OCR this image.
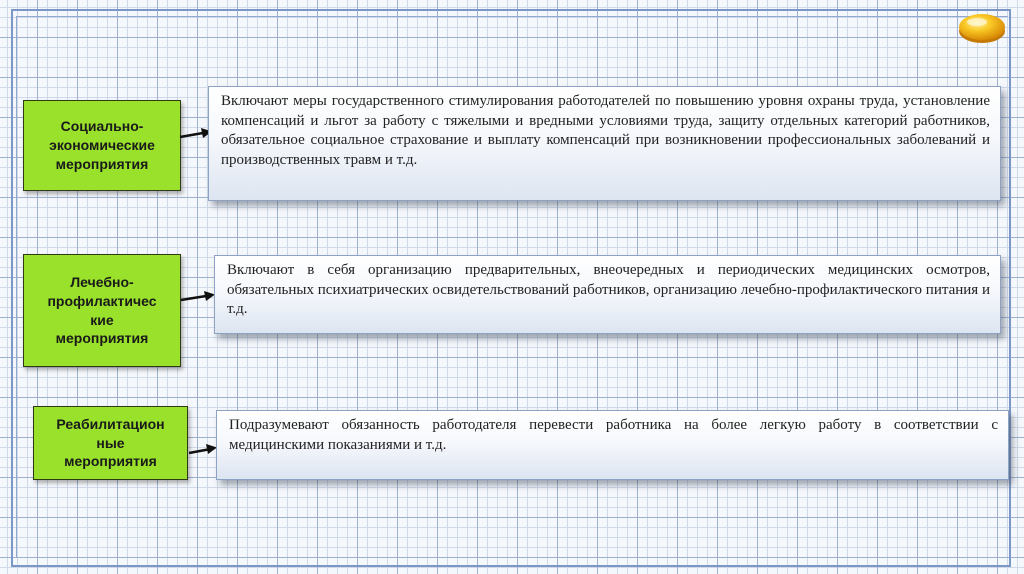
Социально-
экономические
мероприятия
Включают меры государственного стимулирования работодателей по повышению уровня охраны труда, установление компенсаций и льгот за работу с тяжелыми и вредными условиями труда, защиту отдельных категорий работников, обязательное социальное страхование и выплату компенсаций при возникновении профессиональных заболеваний и производственных травм и т.д.
Лечебно-
профилактичес
кие
мероприятия
Включают в себя организацию предварительных, внеочередных и периодических медицинских осмотров, обязательных психиатрических освидетельствований работников, организацию лечебно-профилактического питания и т.д.
Реабилитацион
ные
мероприятия
Подразумевают обязанность работодателя перевести работника на более легкую работу в соответствии с медицинскими показаниями и т.д.
